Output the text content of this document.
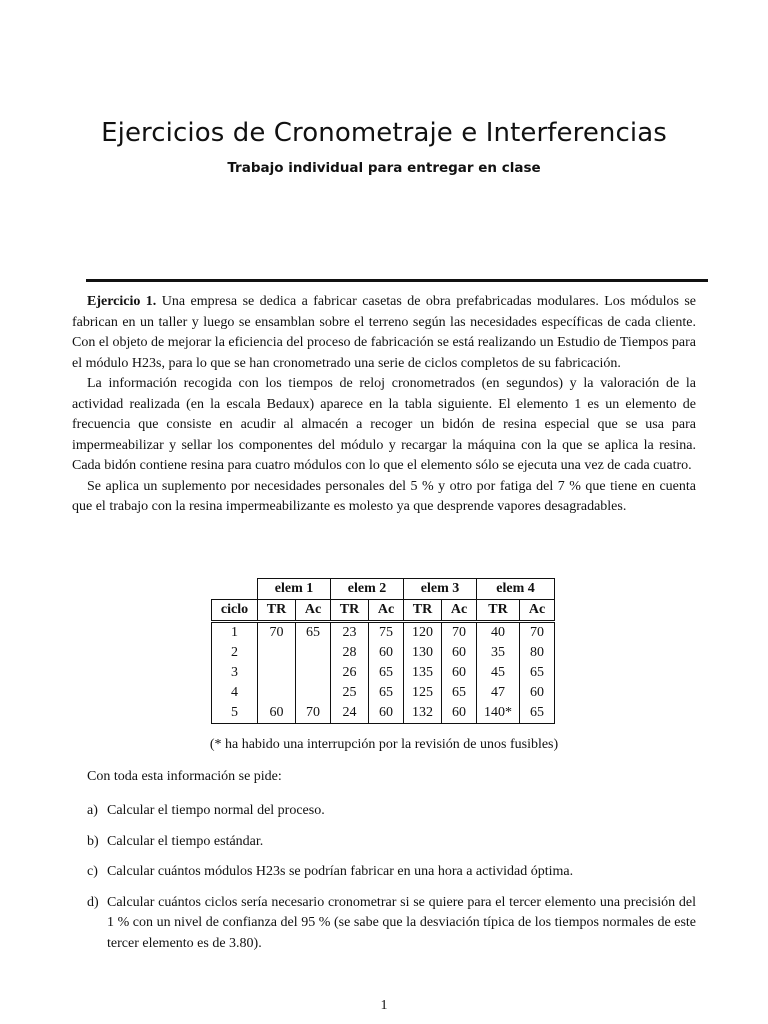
Ejercicios de Cronometraje e Interferencias
Trabajo individual para entregar en clase

Ejercicio 1. Una empresa se dedica a fabricar casetas de obra prefabricadas modulares. Los módulos se fabrican en un taller y luego se ensamblan sobre el terreno según las necesidades específicas de cada cliente. Con el objeto de mejorar la eficiencia del proceso de fabricación se está realizando un Estudio de Tiempos para el módulo H23s, para lo que se han cronometrado una serie de ciclos completos de su fabricación.

La información recogida con los tiempos de reloj cronometrados (en segundos) y la valoración de la actividad realizada (en la escala Bedaux) aparece en la tabla siguiente. El elemento 1 es un elemento de frecuencia que consiste en acudir al almacén a recoger un bidón de resina especial que se usa para impermeabilizar y sellar los componentes del módulo y recargar la máquina con la que se aplica la resina. Cada bidón contiene resina para cuatro módulos con lo que el elemento sólo se ejecuta una vez de cada cuatro.

Se aplica un suplemento por necesidades personales del 5 % y otro por fatiga del 7 % que tiene en cuenta que el trabajo con la resina impermeabilizante es molesto ya que desprende vapores desagradables.

	elem 1		elem 2		elem 3		elem 4	
ciclo	TR	Ac	TR	Ac	TR	Ac	TR	Ac
1	70	65	23	75	120	70	40	70
2			28	60	130	60	35	80
3			26	65	135	60	45	65
4			25	65	125	65	47	60
5	60	70	24	60	132	60	140*	65
(* ha habido una interrupción por la revisión de unos fusibles)
Con toda esta información se pide:
a) Calcular el tiempo normal del proceso.
b) Calcular el tiempo estándar.
c) Calcular cuántos módulos H23s se podrían fabricar en una hora a actividad óptima.
d) Calcular cuántos ciclos sería necesario cronometrar si se quiere para el tercer elemento una precisión del 1 % con un nivel de confianza del 95 % (se sabe que la desviación típica de los tiempos normales de este tercer elemento es de 3.80).
1
